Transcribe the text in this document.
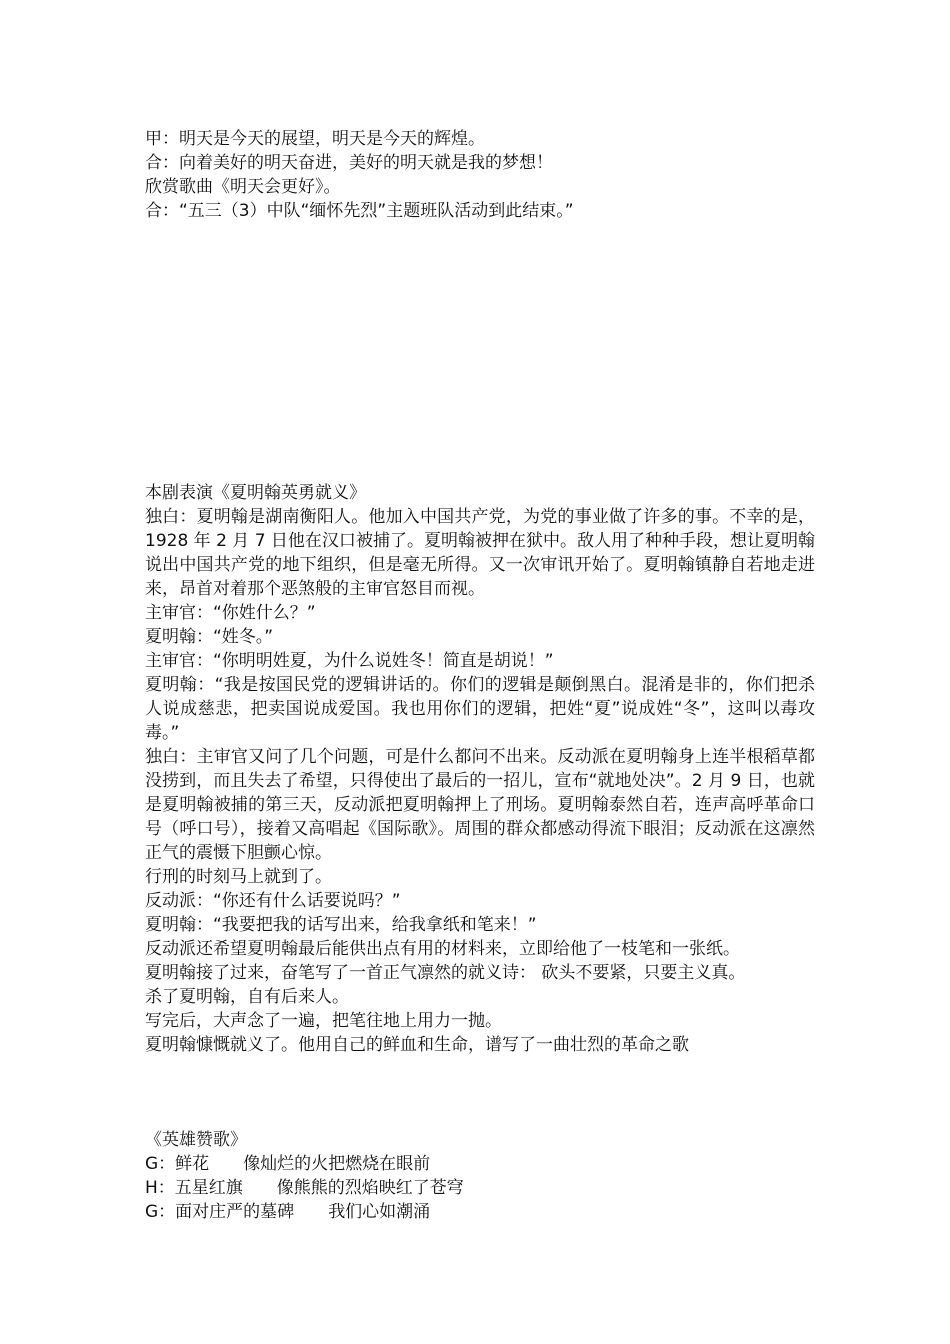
甲：明天是今天的展望，明天是今天的辉煌。
合：向着美好的明天奋进，美好的明天就是我的梦想！
欣赏歌曲《明天会更好》。
合：“五三（3）中队“缅怀先烈”主题班队活动到此结束。”
本剧表演《夏明翰英勇就义》
独白：夏明翰是湖南衡阳人。他加入中国共产党，为党的事业做了许多的事。不幸的是，1928 年 2 月 7 日他在汉口被捕了。夏明翰被押在狱中。敌人用了种种手段，想让夏明翰说出中国共产党的地下组织，但是毫无所得。又一次审讯开始了。夏明翰镇静自若地走进来，昂首对着那个恶煞般的主审官怒目而视。
主审官：“你姓什么？”
夏明翰：“姓冬。”
主审官：“你明明姓夏，为什么说姓冬！简直是胡说！”
夏明翰：“我是按国民党的逻辑讲话的。你们的逻辑是颠倒黑白。混淆是非的，你们把杀人说成慈悲，把卖国说成爱国。我也用你们的逻辑，把姓“夏”说成姓“冬”，这叫以毒攻毒。”
独白：主审官又问了几个问题，可是什么都问不出来。反动派在夏明翰身上连半根稻草都没捞到，而且失去了希望，只得使出了最后的一招儿，宣布“就地处决”。2 月 9 日，也就是夏明翰被捕的第三天，反动派把夏明翰押上了刑场。夏明翰泰然自若，连声高呼革命口号（呼口号），接着又高唱起《国际歌》。周围的群众都感动得流下眼泪；反动派在这凛然正气的震慑下胆颤心惊。
行刑的时刻马上就到了。
反动派：“你还有什么话要说吗？”
夏明翰：“我要把我的话写出来，给我拿纸和笔来！”
反动派还希望夏明翰最后能供出点有用的材料来，立即给他了一枝笔和一张纸。
夏明翰接了过来，奋笔写了一首正气凛然的就义诗： 砍头不要紧，只要主义真。
杀了夏明翰，自有后来人。
写完后，大声念了一遍，把笔往地上用力一抛。
夏明翰慷慨就义了。他用自己的鲜血和生命，谱写了一曲壮烈的革命之歌
《英雄赞歌》
G：鲜花 像灿烂的火把燃烧在眼前
H：五星红旗 像熊熊的烈焰映红了苍穹
G：面对庄严的墓碑 我们心如潮涌
